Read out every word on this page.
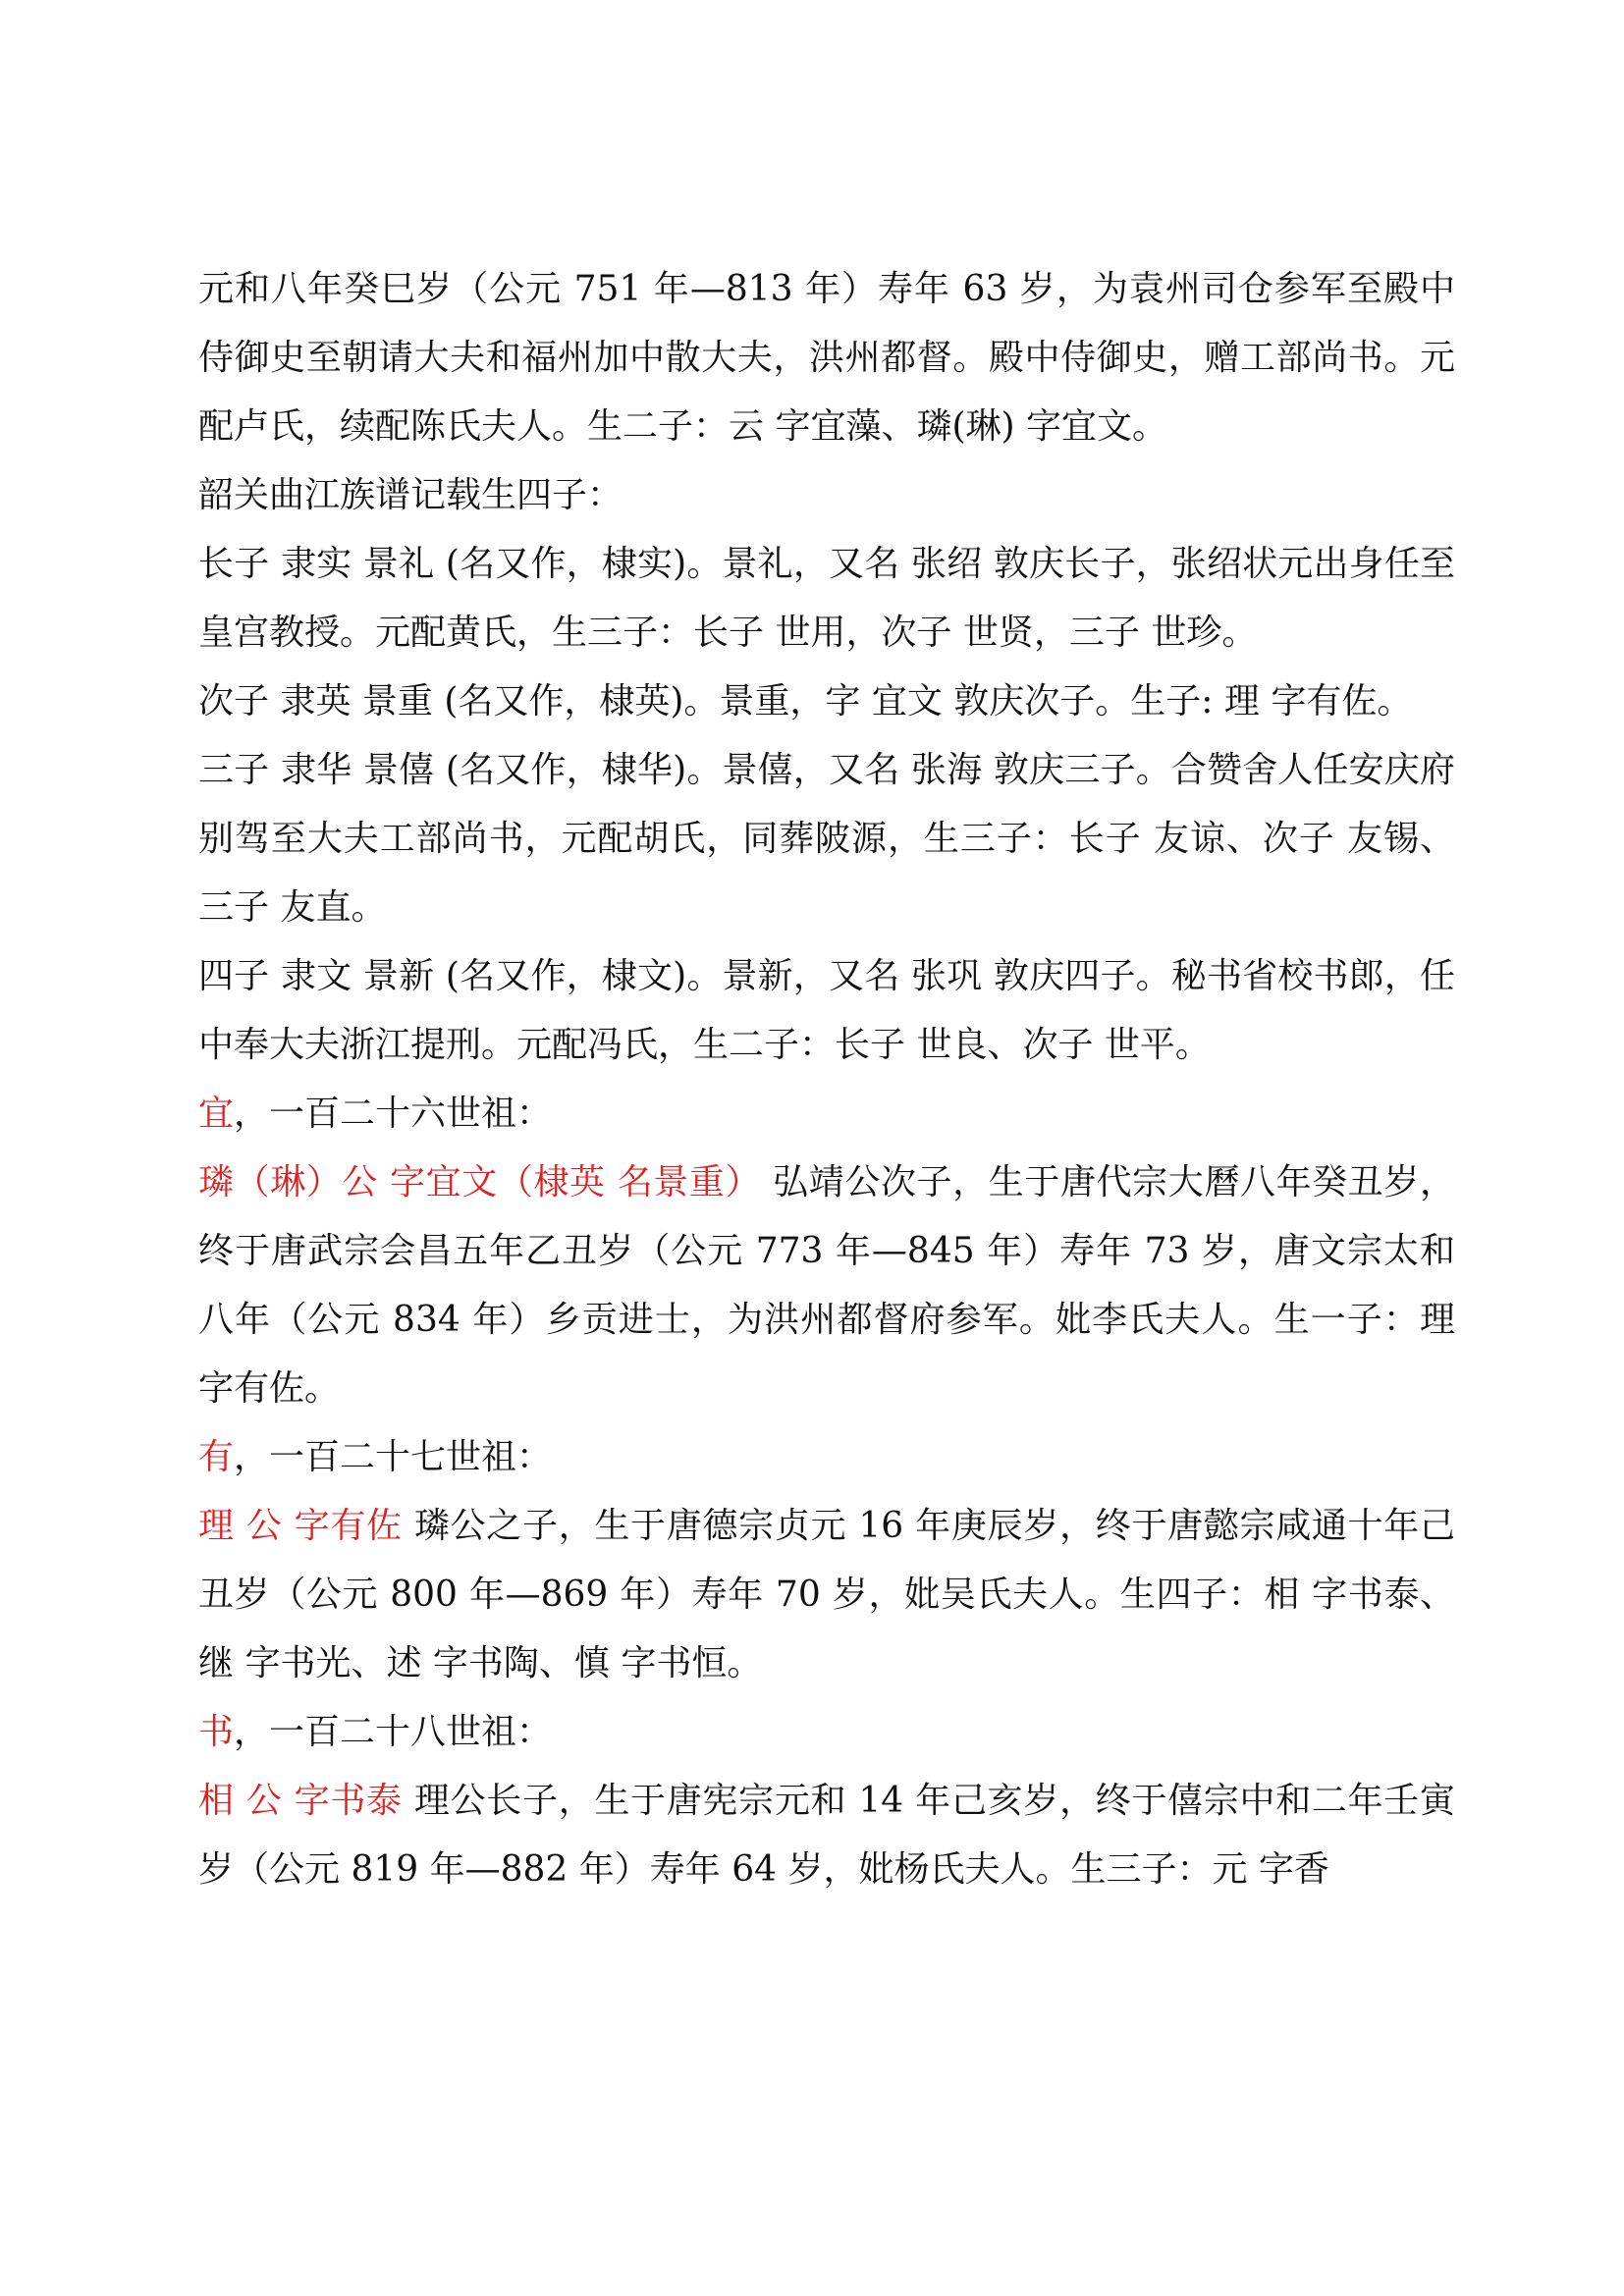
元和八年癸巳岁（公元 751 年—813 年）寿年 63 岁，为袁州司仓参军至殿中侍御史至朝请大夫和福州加中散大夫，洪州都督。殿中侍御史，赠工部尚书。元配卢氏，续配陈氏夫人。生二子：云 字宜藻、璘(琳) 字宜文。

韶关曲江族谱记载生四子：

长子 隶实 景礼 (名又作，棣实)。景礼，又名 张绍 敦庆长子，张绍状元出身任至皇宫教授。元配黄氏，生三子：长子 世用，次子 世贤，三子 世珍。

次子 隶英 景重 (名又作，棣英)。景重，字 宜文 敦庆次子。生子: 理 字有佐。

三子 隶华 景僖 (名又作，棣华)。景僖，又名 张海 敦庆三子。合赞舍人任安庆府别驾至大夫工部尚书，元配胡氏，同葬陂源，生三子：长子 友谅、次子 友锡、三子 友直。

四子 隶文 景新 (名又作，棣文)。景新，又名 张巩 敦庆四子。秘书省校书郎，任中奉大夫浙江提刑。元配冯氏，生二子：长子 世良、次子 世平。

宜，一百二十六世祖：

璘（琳）公 字宜文（棣英 名景重） 弘靖公次子，生于唐代宗大曆八年癸丑岁，终于唐武宗会昌五年乙丑岁（公元 773 年—845 年）寿年 73 岁，唐文宗太和八年（公元 834 年）乡贡进士，为洪州都督府参军。妣李氏夫人。生一子：理 字有佐。

有，一百二十七世祖：

理 公 字有佐 璘公之子，生于唐德宗贞元 16 年庚辰岁，终于唐懿宗咸通十年己丑岁（公元 800 年—869 年）寿年 70 岁，妣吴氏夫人。生四子：相 字书泰、继 字书光、述 字书陶、慎 字书恒。

书，一百二十八世祖：

相 公 字书泰 理公长子，生于唐宪宗元和 14 年己亥岁，终于僖宗中和二年壬寅岁（公元 819 年—882 年）寿年 64 岁，妣杨氏夫人。生三子：元 字香
